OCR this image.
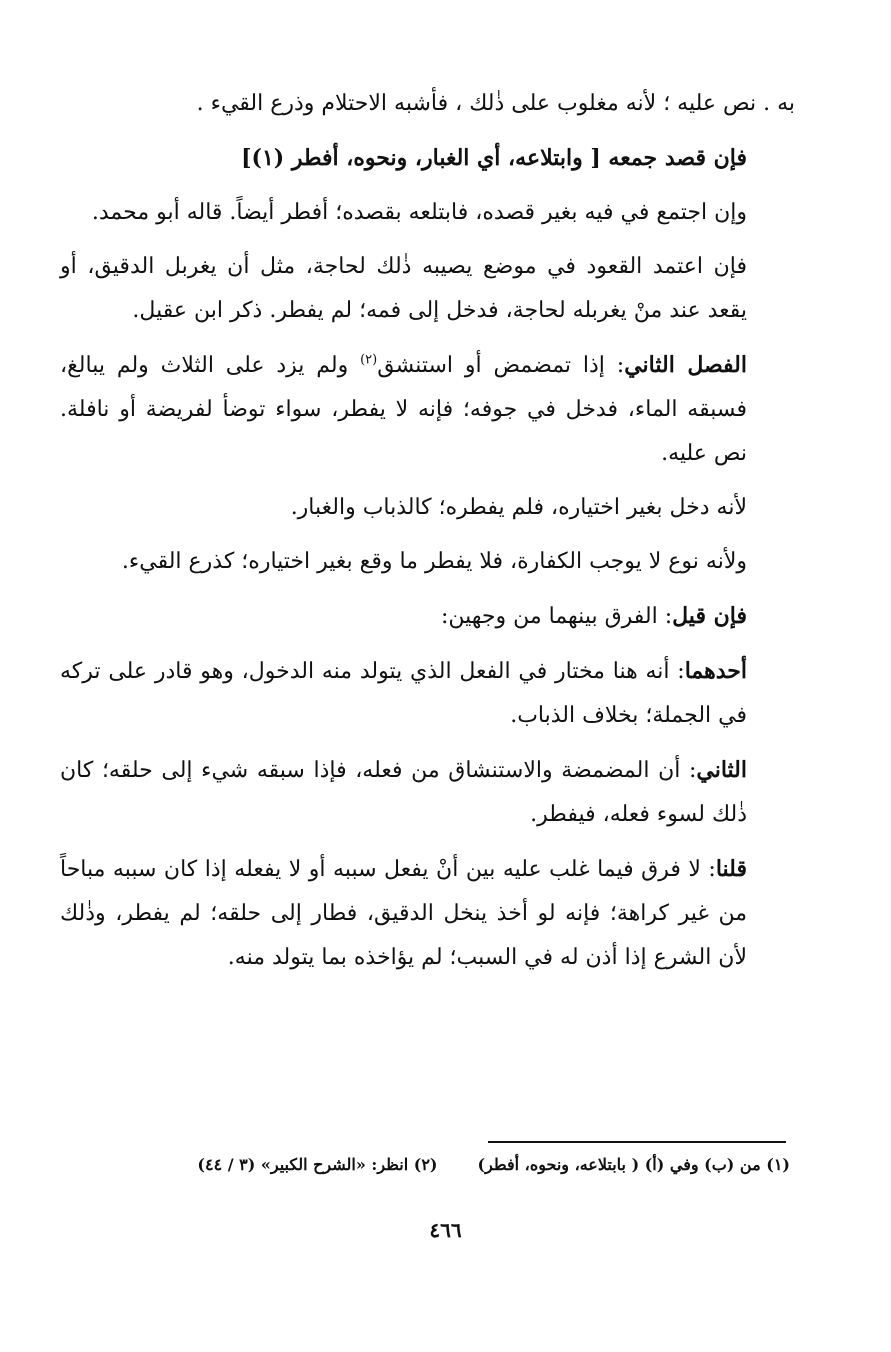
به . نص عليه ؛ لأنه مغلوب على ذٰلك ، فأشبه الاحتلام وذرع القيء .

فإن قصد جمعه [ وابتلاعه، أي الغبار، ونحوه، أفطر (١)]

وإن اجتمع في فيه بغير قصده، فابتلعه بقصده؛ أفطر أيضاً. قاله أبو محمد.

فإن اعتمد القعود في موضع يصيبه ذٰلك لحاجة، مثل أن يغربل الدقيق، أو يقعد عند منْ يغربله لحاجة، فدخل إلى فمه؛ لم يفطر. ذكر ابن عقيل.

الفصل الثاني: إذا تمضمض أو استنشق$^{(٢)}$ ولم يزد على الثلاث ولم يبالغ، فسبقه الماء، فدخل في جوفه؛ فإنه لا يفطر، سواء توضأ لفريضة أو نافلة. نص عليه.

لأنه دخل بغير اختياره، فلم يفطره؛ كالذباب والغبار.

ولأنه نوع لا يوجب الكفارة، فلا يفطر ما وقع بغير اختياره؛ كذرع القيء.

فإن قيل: الفرق بينهما من وجهين:

أحدهما: أنه هنا مختار في الفعل الذي يتولد منه الدخول، وهو قادر على تركه في الجملة؛ بخلاف الذباب.

الثاني: أن المضمضة والاستنشاق من فعله، فإذا سبقه شيء إلى حلقه؛ كان ذٰلك لسوء فعله، فيفطر.

قلنا: لا فرق فيما غلب عليه بين أنْ يفعل سببه أو لا يفعله إذا كان سببه مباحاً من غير كراهة؛ فإنه لو أخذ ينخل الدقيق، فطار إلى حلقه؛ لم يفطر، وذٰلك لأن الشرع إذا أذن له في السبب؛ لم يؤاخذه بما يتولد منه.

(١) من (ب) وفي (أ) ( بابتلاعه، ونحوه، أفطر)
(٢) انظر: «الشرح الكبير» (٣ / ٤٤)
٤٦٦
